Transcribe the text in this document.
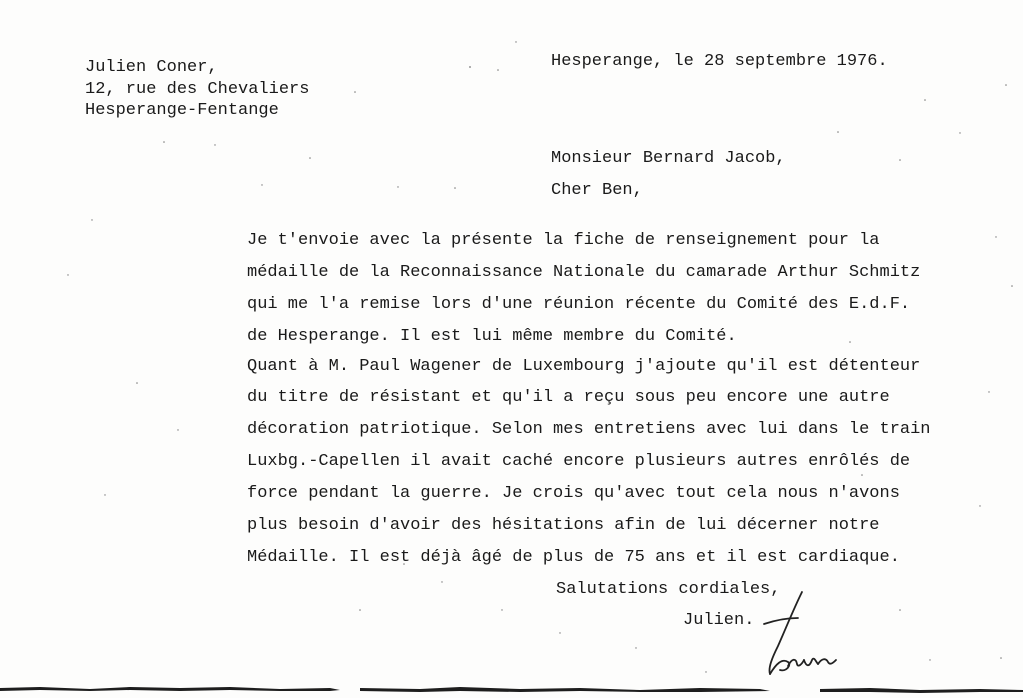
Julien Coner,
12, rue des Chevaliers
Hesperange-Fentange
Hesperange, le 28 septembre 1976.
Monsieur Bernard Jacob,
Cher Ben,
Je t'envoie avec la présente la fiche de renseignement pour la
médaille de la Reconnaissance Nationale du camarade Arthur Schmitz
qui me l'a remise lors d'une réunion récente du Comité des E.d.F.
de Hesperange. Il est lui même membre du Comité.
Quant à M. Paul Wagener de Luxembourg j'ajoute qu'il est détenteur
du titre de résistant et qu'il a reçu sous peu encore une autre
décoration patriotique. Selon mes entretiens avec lui dans le train
Luxbg.-Capellen il avait caché encore plusieurs autres enrôlés de
force pendant la guerre. Je crois qu'avec tout cela nous n'avons
plus besoin d'avoir des hésitations afin de lui décerner notre
Médaille. Il est déjà âgé de plus de 75 ans et il est cardiaque.
Salutations cordiales,
Julien.
